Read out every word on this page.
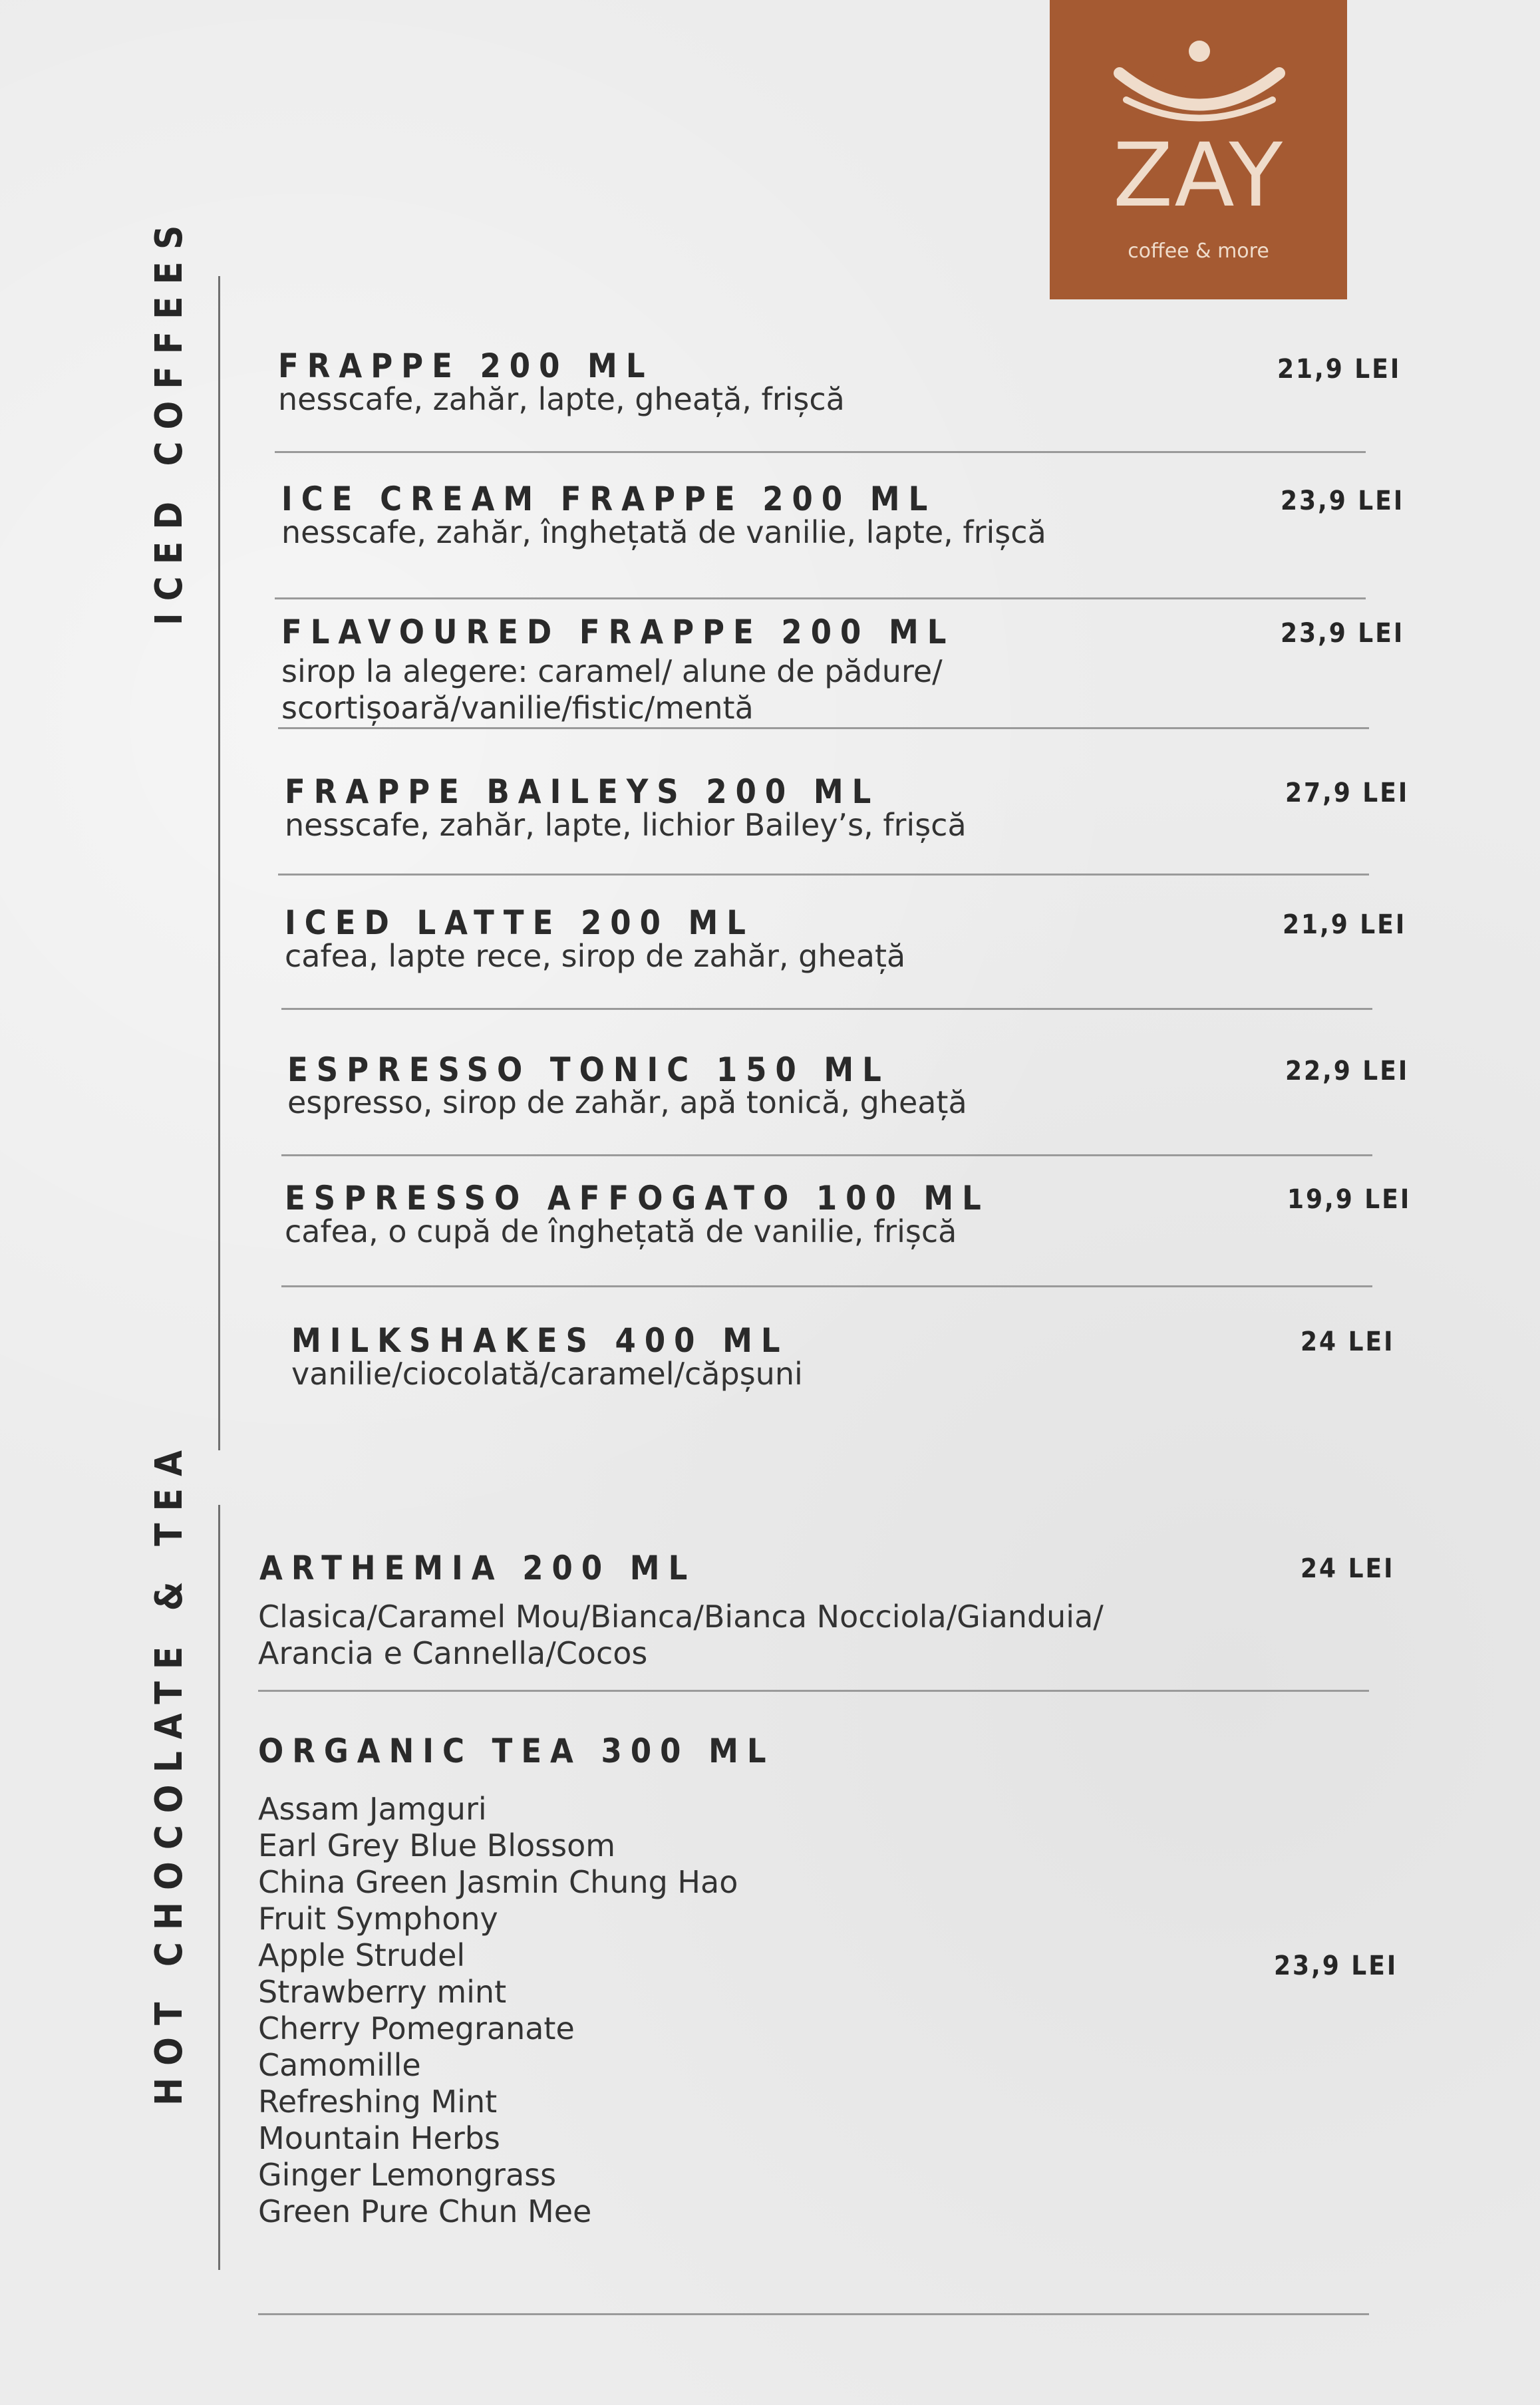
ZAY
coffee & more
ICED COFFEES	FRAPPE 200 ML
nesscafe, zahăr, lapte, gheață, frișcă
21,9 LEI
ICE CREAM FRAPPE 200 ML
nesscafe, zahăr, înghețată de vanilie, lapte, frișcă
23,9 LEI
FLAVOURED FRAPPE 200 ML
sirop la alegere: caramel/ alune de pădure/
scortișoară/vanilie/fistic/mentă
23,9 LEI
FRAPPE BAILEYS 200 ML
nesscafe, zahăr, lapte, lichior Bailey’s, frișcă
27,9 LEI
ICED LATTE 200 ML
cafea, lapte rece, sirop de zahăr, gheață
21,9 LEI
ESPRESSO TONIC 150 ML
espresso, sirop de zahăr, apă tonică, gheață
22,9 LEI
ESPRESSO AFFOGATO 100 ML
cafea, o cupă de înghețată de vanilie, frișcă
19,9 LEI
MILKSHAKES 400 ML
vanilie/ciocolată/caramel/căpșuni
24 LEI
HOT CHOCOLATE & TEA ARTHEMIA 200 ML
Clasica/Caramel Mou/Bianca/Bianca Nocciola/Gianduia/
Arancia e Cannella/Cocos
24 LEI
ORGANIC TEA 300 ML
Assam Jamguri
Earl Grey Blue Blossom
China Green Jasmin Chung Hao
Fruit Symphony
Apple Strudel
Strawberry mint
Cherry Pomegranate
Camomille
Refreshing Mint
Mountain Herbs
Ginger Lemongrass
Green Pure Chun Mee
23,9 LEI
